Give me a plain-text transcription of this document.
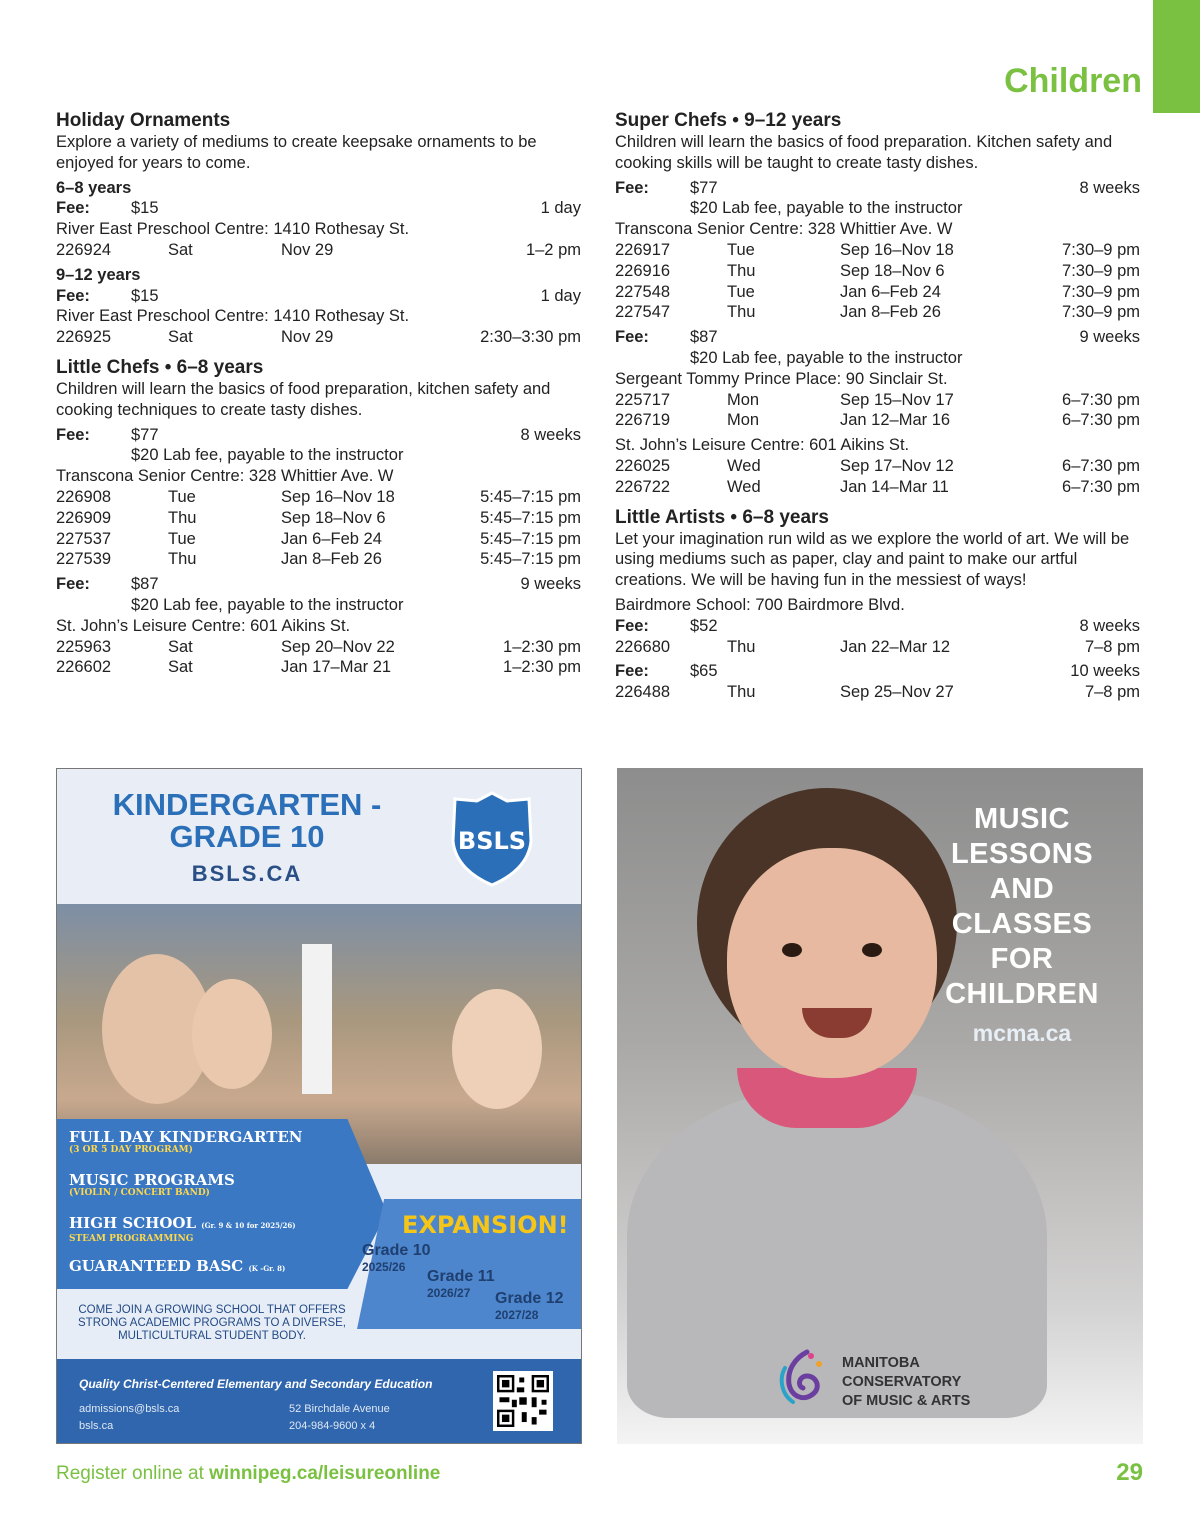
Children
Holiday Ornaments
Explore a variety of mediums to create keepsake ornaments to be enjoyed for years to come.
6–8 years
Fee: $15	1 day
River East Preschool Centre: 1410 Rothesay St.
226924	Sat	Nov 29	1–2 pm
9–12 years
Fee: $15	1 day
River East Preschool Centre: 1410 Rothesay St.
226925	Sat	Nov 29	2:30–3:30 pm
Little Chefs • 6–8 years
Children will learn the basics of food preparation, kitchen safety and cooking techniques to create tasty dishes.
Fee: $77	8 weeks
$20 Lab fee, payable to the instructor
Transcona Senior Centre: 328 Whittier Ave. W
226908	Tue	Sep 16–Nov 18	5:45–7:15 pm
226909	Thu	Sep 18–Nov 6	5:45–7:15 pm
227537	Tue	Jan 6–Feb 24	5:45–7:15 pm
227539	Thu	Jan 8–Feb 26	5:45–7:15 pm
Fee: $87	9 weeks
$20 Lab fee, payable to the instructor
St. John’s Leisure Centre: 601 Aikins St.
225963	Sat	Sep 20–Nov 22	1–2:30 pm
226602	Sat	Jan 17–Mar 21	1–2:30 pm
Super Chefs • 9–12 years
Children will learn the basics of food preparation. Kitchen safety and cooking skills will be taught to create tasty dishes.
Fee: $77	8 weeks
$20 Lab fee, payable to the instructor
Transcona Senior Centre: 328 Whittier Ave. W
226917	Tue	Sep 16–Nov 18	7:30–9 pm
226916	Thu	Sep 18–Nov 6	7:30–9 pm
227548	Tue	Jan 6–Feb 24	7:30–9 pm
227547	Thu	Jan 8–Feb 26	7:30–9 pm
Fee: $87	9 weeks
$20 Lab fee, payable to the instructor
Sergeant Tommy Prince Place: 90 Sinclair St.
225717	Mon	Sep 15–Nov 17	6–7:30 pm
226719	Mon	Jan 12–Mar 16	6–7:30 pm
St. John’s Leisure Centre: 601 Aikins St.
226025	Wed	Sep 17–Nov 12	6–7:30 pm
226722	Wed	Jan 14–Mar 11	6–7:30 pm
Little Artists • 6–8 years
Let your imagination run wild as we explore the world of art. We will be using mediums such as paper, clay and paint to make our artful creations. We will be having fun in the messiest of ways!
Bairdmore School: 700 Bairdmore Blvd.
Fee: $52	8 weeks
226680	Thu	Jan 22–Mar 12	7–8 pm
Fee: $65	10 weeks
226488	Thu	Sep 25–Nov 27	7–8 pm
KINDERGARTEN -
GRADE 10
BSLS.CA
BSLS
FULL DAY KINDERGARTEN
(3 OR 5 DAY PROGRAM)
MUSIC PROGRAMS
(VIOLIN / CONCERT BAND)
HIGH SCHOOL (Gr. 9 & 10 for 2025/26)
STEAM PROGRAMMING
GUARANTEED BASC (K -Gr. 8)
EXPANSION!
Grade 10
2025/26
Grade 11
2026/27	Grade 12
2027/28
COME JOIN A GROWING SCHOOL THAT OFFERS STRONG ACADEMIC PROGRAMS TO A DIVERSE, MULTICULTURAL STUDENT BODY.
Quality Christ-Centered Elementary and Secondary Education
admissions@bsls.ca
bsls.ca
52 Birchdale Avenue
204-984-9600 x 4
MUSIC
LESSONS
AND
CLASSES
FOR
CHILDREN
mcma.ca
MANITOBA
CONSERVATORY
OF MUSIC & ARTS
Register online at winnipeg.ca/leisureonline	29
